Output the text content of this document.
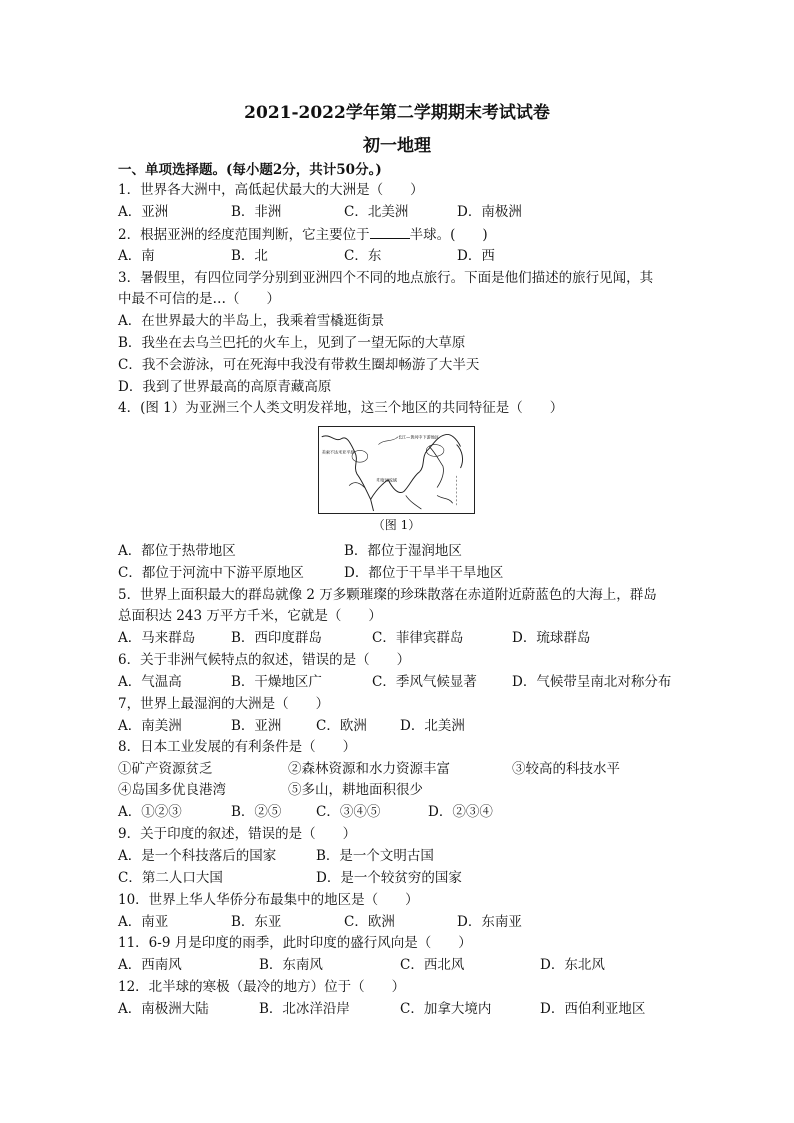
2021-2022学年第二学期期末考试试卷
初一地理
一、单项选择题。(每小题2分，共计50分。)
1．世界各大洲中，高低起伏最大的大洲是（　　）
A．亚洲	B．非洲	C．北美洲	D．南极洲
2．根据亚洲的经度范围判断，它主要位于	半球。(　　)
A．南	B．北	C．东	D．西
3．暑假里，有四位同学分别到亚洲四个不同的地点旅行。下面是他们描述的旅行见闻，其
中最不可信的是…（　　）
A．在世界最大的半岛上，我乘着雪橇逛街景
B．我坐在去乌兰巴托的火车上，见到了一望无际的大草原
C．我不会游泳，可在死海中我没有带救生圈却畅游了大半天
D．我到了世界最高的高原青藏高原
4．(图 1）为亚洲三个人类文明发祥地，这三个地区的共同特征是（　　）
美索不达米亚平原
长江—黄河中下游地区
印度河流域
（图 1）
A．都位于热带地区	B．都位于湿润地区
C．都位于河流中下游平原地区	D．都位于干旱半干旱地区
5．世界上面积最大的群岛就像 2 万多颗璀璨的珍珠散落在赤道附近蔚蓝色的大海上，群岛
总面积达 243 万平方千米，它就是（　　）
A．马来群岛	B．西印度群岛	C．菲律宾群岛	D．琉球群岛
6．关于非洲气候特点的叙述，错误的是（　　）
A．气温高	B．干燥地区广	C．季风气候显著	D．气候带呈南北对称分布
7，世界上最湿润的大洲是（　　）
A．南美洲	B．亚洲	C．欧洲 D．北美洲
8．日本工业发展的有利条件是（　　）
①矿产资源贫乏	②森林资源和水力资源丰富	③较高的科技水平
④岛国多优良港湾	⑤多山，耕地面积很少
A．①②③	B．②⑤	C．③④⑤	D．②③④
9．关于印度的叙述，错误的是（　　）
A．是一个科技落后的国家	B．是一个文明古国
C．第二人口大国	D．是一个较贫穷的国家
10．世界上华人华侨分布最集中的地区是（　　）
A．南亚	B．东亚	C．欧洲	D．东南亚
11．6-9 月是印度的雨季，此时印度的盛行风向是（　　）
A．西南风	B．东南风	C．西北风	D．东北风
12．北半球的寒极（最冷的地方）位于（　　）
A．南极洲大陆	B．北冰洋沿岸	C．加拿大境内	D．西伯利亚地区
